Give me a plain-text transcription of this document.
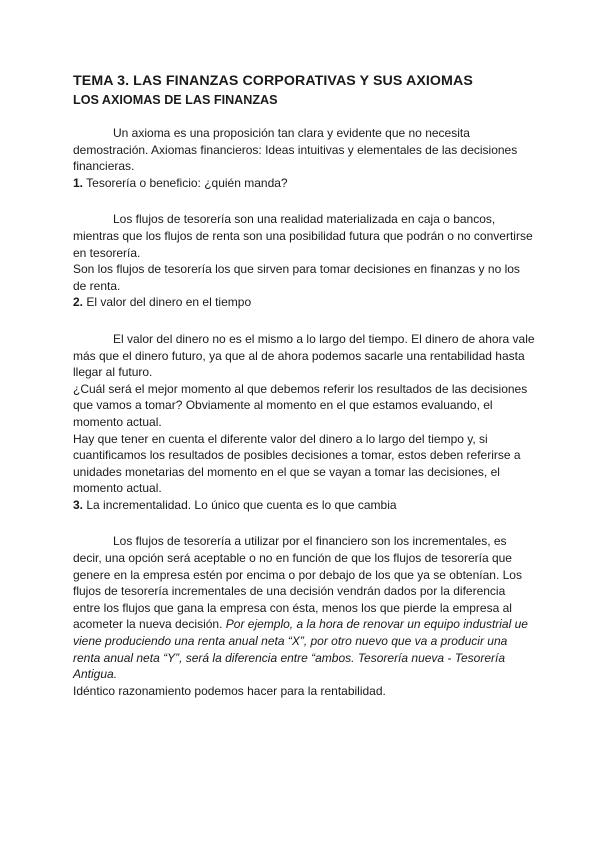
TEMA 3. LAS FINANZAS CORPORATIVAS Y SUS AXIOMAS
LOS AXIOMAS DE LAS FINANZAS

Un axioma es una proposición tan clara y evidente que no necesita demostración. Axiomas financieros: Ideas intuitivas y elementales de las decisiones financieras.

1. Tesorería o beneficio: ¿quién manda?

Los flujos de tesorería son una realidad materializada en caja o bancos, mientras que los flujos de renta son una posibilidad futura que podrán o no convertirse en tesorería.

Son los flujos de tesorería los que sirven para tomar decisiones en finanzas y no los de renta.

2. El valor del dinero en el tiempo

El valor del dinero no es el mismo a lo largo del tiempo. El dinero de ahora vale más que el dinero futuro, ya que al de ahora podemos sacarle una rentabilidad hasta llegar al futuro.

¿Cuál será el mejor momento al que debemos referir los resultados de las decisiones que vamos a tomar? Obviamente al momento en el que estamos evaluando, el momento actual.

Hay que tener en cuenta el diferente valor del dinero a lo largo del tiempo y, si cuantificamos los resultados de posibles decisiones a tomar, estos deben referirse a unidades monetarias del momento en el que se vayan a tomar las decisiones, el momento actual.

3. La incrementalidad. Lo único que cuenta es lo que cambia

Los flujos de tesorería a utilizar por el financiero son los incrementales, es decir, una opción será aceptable o no en función de que los flujos de tesorería que genere en la empresa estén por encima o por debajo de los que ya se obtenían. Los flujos de tesorería incrementales de una decisión vendrán dados por la diferencia entre los flujos que gana la empresa con ésta, menos los que pierde la empresa al acometer la nueva decisión. Por ejemplo, a la hora de renovar un equipo industrial ue viene produciendo una renta anual neta “X”, por otro nuevo que va a producir una renta anual neta “Y”, será la diferencia entre “ambos. Tesorería nueva - Tesorería Antigua.

Idéntico razonamiento podemos hacer para la rentabilidad.
